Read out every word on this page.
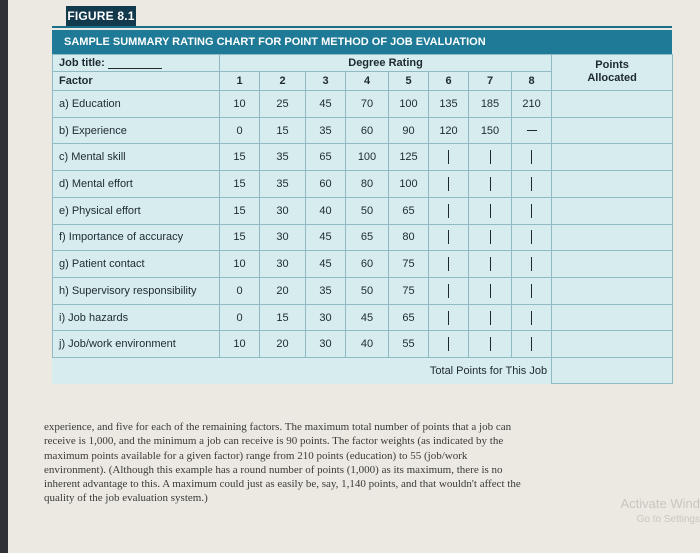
FIGURE 8.1
SAMPLE SUMMARY RATING CHART FOR POINT METHOD OF JOB EVALUATION
Job title:	Degree Rating								Points
Allocated
Factor	1	2	3	4	5	6	7	8	
a) Education	10	25	45	70	100	135	185	210	
b) Experience	0	15	35	60	90	120	150		
c) Mental skill	15	35	65	100	125				
d) Mental effort	15	35	60	80	100				
e) Physical effort	15	30	40	50	65				
f) Importance of accuracy	15	30	45	65	80				
g) Patient contact	10	30	45	60	75				
h) Supervisory responsibility	0	20	35	50	75				
i) Job hazards	0	15	30	45	65				
j) Job/work environment	10	20	30	40	55				
					Total Points for This Job				
experience, and five for each of the remaining factors. The maximum total number of points that a job can receive is 1,000, and the minimum a job can receive is 90 points. The factor weights (as indicated by the maximum points available for a given factor) range from 210 points (education) to 55 (job/work environment). (Although this example has a round number of points (1,000) as its maximum, there is no inherent advantage to this. A maximum could just as easily be, say, 1,140 points, and that wouldn't affect the quality of the job evaluation system.)	Activate Wind
Go to Settings
